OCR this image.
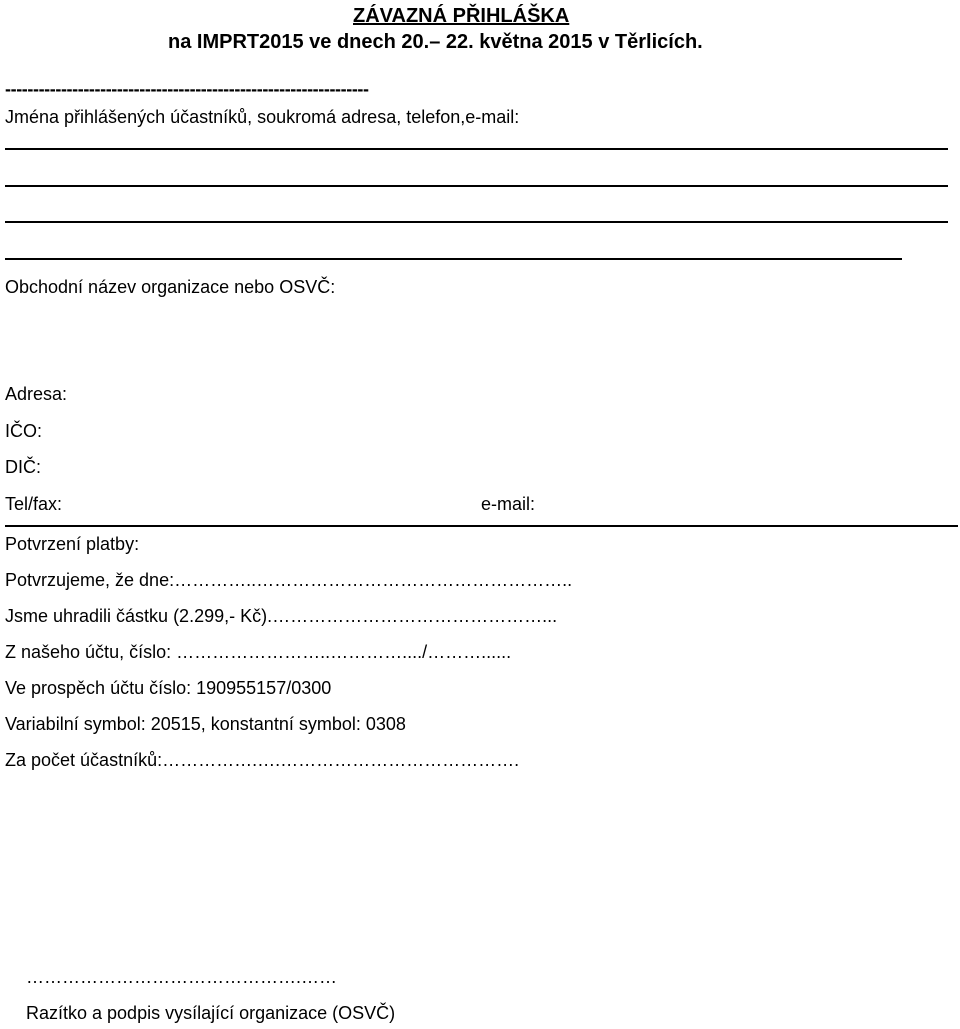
ZÁVAZNÁ PŘIHLÁŠKA
na IMPRT2015 ve dnech 20.– 22. května 2015 v Těrlicích.
-----------------------------------------------------------------
Jména přihlášených účastníků, soukromá adresa, telefon,e-mail:
Obchodní název organizace nebo OSVČ:
Adresa:
IČO:
DIČ:
Tel/fax:	e-mail:
Potvrzení platby:
Potvrzujeme, že dne:…………..……………………………………………..
Jsme uhradili částku (2.299,- Kč).………………………………………...
Z našeho účtu, číslo: ……………………..…………..../………......
Ve prospěch účtu číslo: 190955157/0300
Variabilní symbol: 20515, konstantní symbol: 0308
Za počet účastníků:…………….….………………………………….
……………………………………….……
Razítko a podpis vysílající organizace (OSVČ)
